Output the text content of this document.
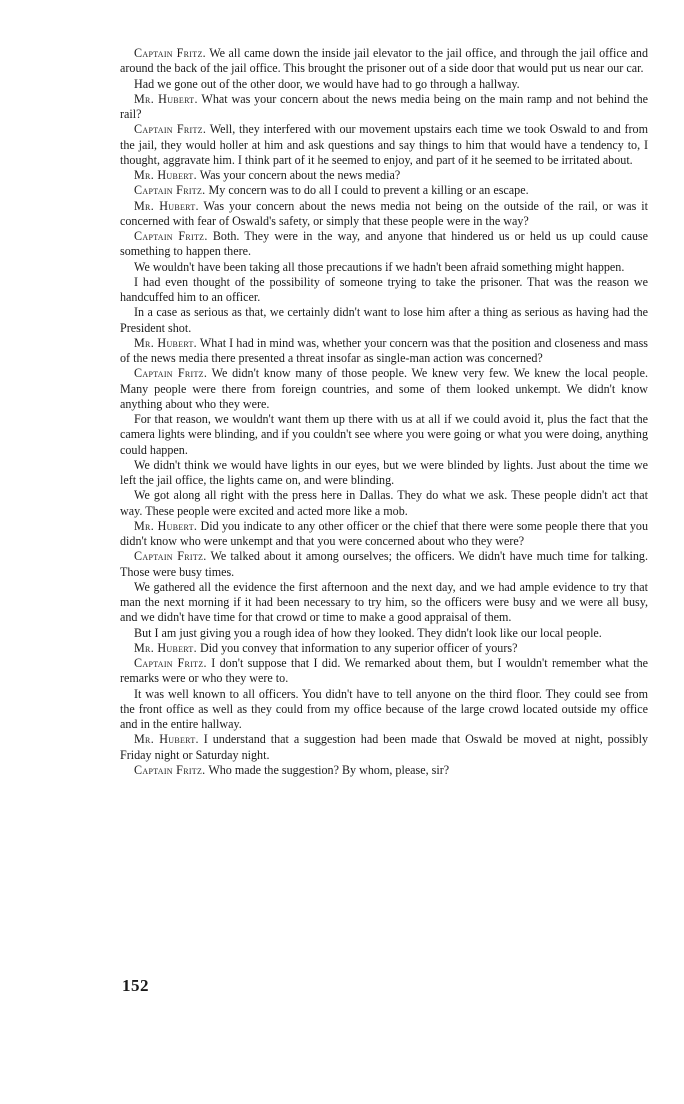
Captain Fritz. We all came down the inside jail elevator to the jail office, and through the jail office and around the back of the jail office. This brought the prisoner out of a side door that would put us near our car.

Had we gone out of the other door, we would have had to go through a hallway.

Mr. Hubert. What was your concern about the news media being on the main ramp and not behind the rail?

Captain Fritz. Well, they interfered with our movement upstairs each time we took Oswald to and from the jail, they would holler at him and ask questions and say things to him that would have a tendency to, I thought, aggravate him. I think part of it he seemed to enjoy, and part of it he seemed to be irritated about.

Mr. Hubert. Was your concern about the news media?

Captain Fritz. My concern was to do all I could to prevent a killing or an escape.

Mr. Hubert. Was your concern about the news media not being on the outside of the rail, or was it concerned with fear of Oswald's safety, or simply that these people were in the way?

Captain Fritz. Both. They were in the way, and anyone that hindered us or held us up could cause something to happen there.

We wouldn't have been taking all those precautions if we hadn't been afraid something might happen.

I had even thought of the possibility of someone trying to take the prisoner. That was the reason we handcuffed him to an officer.

In a case as serious as that, we certainly didn't want to lose him after a thing as serious as having had the President shot.

Mr. Hubert. What I had in mind was, whether your concern was that the position and closeness and mass of the news media there presented a threat insofar as single-man action was concerned?

Captain Fritz. We didn't know many of those people. We knew very few. We knew the local people. Many people were there from foreign countries, and some of them looked unkempt. We didn't know anything about who they were.

For that reason, we wouldn't want them up there with us at all if we could avoid it, plus the fact that the camera lights were blinding, and if you couldn't see where you were going or what you were doing, anything could happen.

We didn't think we would have lights in our eyes, but we were blinded by lights. Just about the time we left the jail office, the lights came on, and were blinding.

We got along all right with the press here in Dallas. They do what we ask. These people didn't act that way. These people were excited and acted more like a mob.

Mr. Hubert. Did you indicate to any other officer or the chief that there were some people there that you didn't know who were unkempt and that you were concerned about who they were?

Captain Fritz. We talked about it among ourselves; the officers. We didn't have much time for talking. Those were busy times.

We gathered all the evidence the first afternoon and the next day, and we had ample evidence to try that man the next morning if it had been necessary to try him, so the officers were busy and we were all busy, and we didn't have time for that crowd or time to make a good appraisal of them.

But I am just giving you a rough idea of how they looked. They didn't look like our local people.

Mr. Hubert. Did you convey that information to any superior officer of yours?

Captain Fritz. I don't suppose that I did. We remarked about them, but I wouldn't remember what the remarks were or who they were to.

It was well known to all officers. You didn't have to tell anyone on the third floor. They could see from the front office as well as they could from my office because of the large crowd located outside my office and in the entire hallway.

Mr. Hubert. I understand that a suggestion had been made that Oswald be moved at night, possibly Friday night or Saturday night.

Captain Fritz. Who made the suggestion? By whom, please, sir?

152
